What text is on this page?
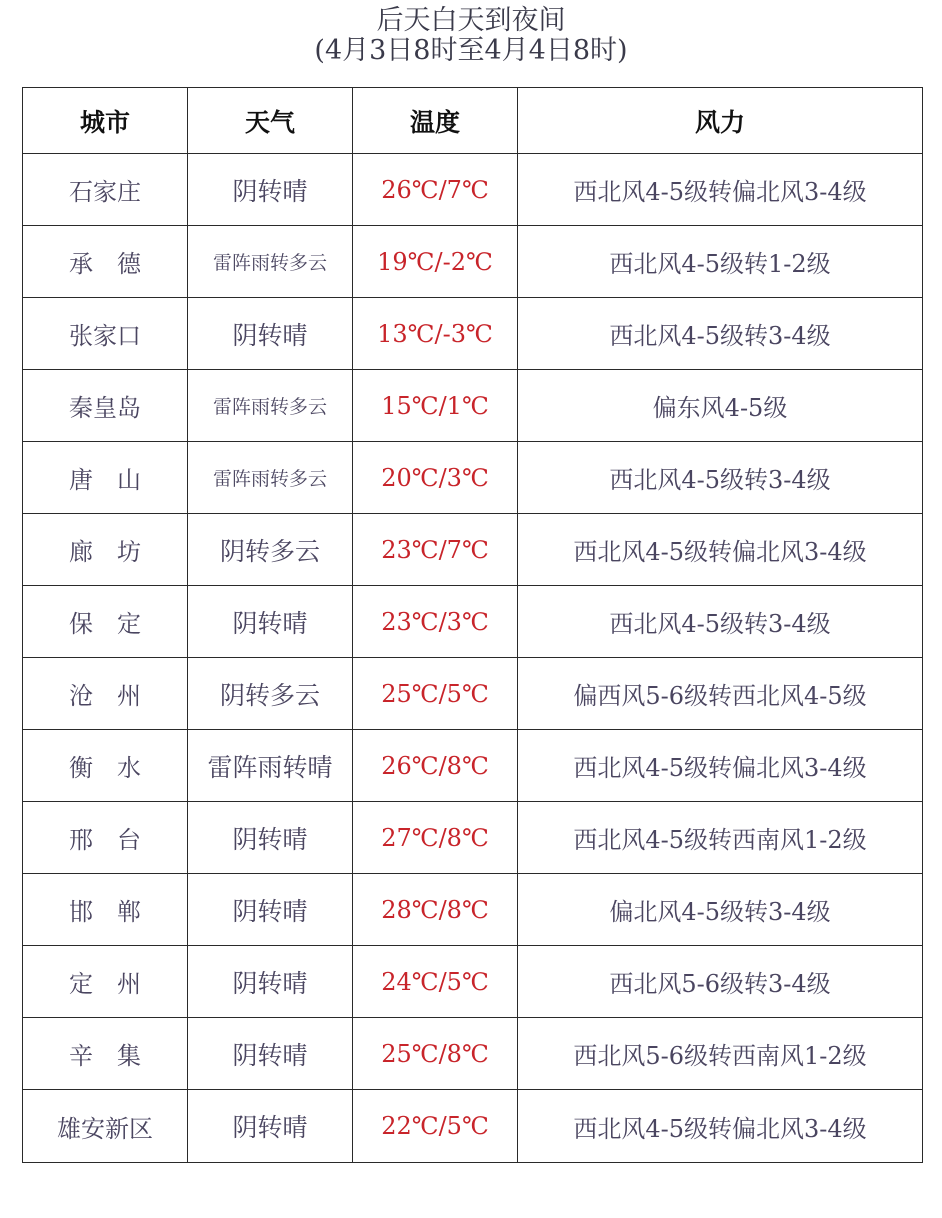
后天白天到夜间
(4月3日8时至4月4日8时)
城市	天气	温度	风力
石家庄	阴转晴	26℃/7℃	西北风4-5级转偏北风3-4级
承　德	雷阵雨转多云	19℃/-2℃	西北风4-5级转1-2级
张家口	阴转晴	13℃/-3℃	西北风4-5级转3-4级
秦皇岛	雷阵雨转多云	15℃/1℃	偏东风4-5级
唐　山	雷阵雨转多云	20℃/3℃	西北风4-5级转3-4级
廊　坊	阴转多云	23℃/7℃	西北风4-5级转偏北风3-4级
保　定	阴转晴	23℃/3℃	西北风4-5级转3-4级
沧　州	阴转多云	25℃/5℃	偏西风5-6级转西北风4-5级
衡　水	雷阵雨转晴	26℃/8℃	西北风4-5级转偏北风3-4级
邢　台	阴转晴	27℃/8℃	西北风4-5级转西南风1-2级
邯　郸	阴转晴	28℃/8℃	偏北风4-5级转3-4级
定　州	阴转晴	24℃/5℃	西北风5-6级转3-4级
辛　集	阴转晴	25℃/8℃	西北风5-6级转西南风1-2级
雄安新区	阴转晴	22℃/5℃	西北风4-5级转偏北风3-4级
